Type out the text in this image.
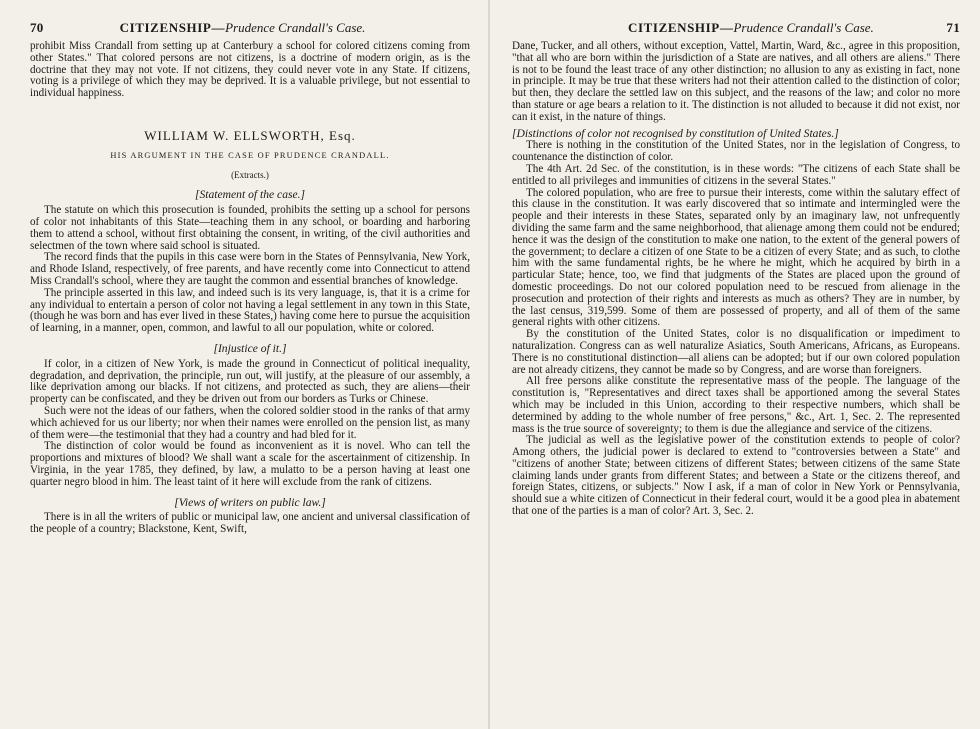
70	CITIZENSHIP—Prudence Crandall's Case.

prohibit Miss Crandall from setting up at Canterbury a school for colored citizens coming from other States." That colored persons are not citizens, is a doctrine of modern origin, as is the doctrine that they may not vote. If not citizens, they could never vote in any State. If citizens, voting is a privilege of which they may be deprived. It is a valuable privilege, but not essential to individual happiness.

WILLIAM W. ELLSWORTH, Esq.
HIS ARGUMENT IN THE CASE OF PRUDENCE CRANDALL.
(Extracts.)
[Statement of the case.]

The statute on which this prosecution is founded, prohibits the setting up a school for persons of color not inhabitants of this State—teaching them in any school, or boarding and harboring them to attend a school, without first obtaining the consent, in writing, of the civil authorities and selectmen of the town where said school is situated.

The record finds that the pupils in this case were born in the States of Pennsylvania, New York, and Rhode Island, respectively, of free parents, and have recently come into Connecticut to attend Miss Crandall's school, where they are taught the common and essential branches of knowledge.

The principle asserted in this law, and indeed such is its very language, is, that it is a crime for any individual to entertain a person of color not having a legal settlement in any town in this State, (though he was born and has ever lived in these States,) having come here to pursue the acquisition of learning, in a manner, open, common, and lawful to all our population, white or colored.

[Injustice of it.]

If color, in a citizen of New York, is made the ground in Connecticut of political inequality, degradation, and deprivation, the principle, run out, will justify, at the pleasure of our assembly, a like deprivation among our blacks. If not citizens, and protected as such, they are aliens—their property can be confiscated, and they be driven out from our borders as Turks or Chinese.

Such were not the ideas of our fathers, when the colored soldier stood in the ranks of that army which achieved for us our liberty; nor when their names were enrolled on the pension list, as many of them were—the testimonial that they had a country and had bled for it.

The distinction of color would be found as inconvenient as it is novel. Who can tell the proportions and mixtures of blood? We shall want a scale for the ascertainment of citizenship. In Virginia, in the year 1785, they defined, by law, a mulatto to be a person having at least one quarter negro blood in him. The least taint of it here will exclude from the rank of citizens.

[Views of writers on public law.]

There is in all the writers of public or municipal law, one ancient and universal classification of the people of a country; Blackstone, Kent, Swift,

71
CITIZENSHIP—Prudence Crandall's Case.

Dane, Tucker, and all others, without exception, Vattel, Martin, Ward, &c., agree in this proposition, "that all who are born within the jurisdiction of a State are natives, and all others are aliens." There is not to be found the least trace of any other distinction; no allusion to any as existing in fact, none in principle. It may be true that these writers had not their attention called to the distinction of color; but then, they declare the settled law on this subject, and the reasons of the law; and color no more than stature or age bears a relation to it. The distinction is not alluded to because it did not exist, nor can it exist, in the nature of things.

[Distinctions of color not recognised by constitution of United States.]

There is nothing in the constitution of the United States, nor in the legislation of Congress, to countenance the distinction of color.

The 4th Art. 2d Sec. of the constitution, is in these words: "The citizens of each State shall be entitled to all privileges and immunities of citizens in the several States."

The colored population, who are free to pursue their interests, come within the salutary effect of this clause in the constitution. It was early discovered that so intimate and intermingled were the people and their interests in these States, separated only by an imaginary law, not unfrequently dividing the same farm and the same neighborhood, that alienage among them could not be endured; hence it was the design of the constitution to make one nation, to the extent of the general powers of the government; to declare a citizen of one State to be a citizen of every State; and as such, to clothe him with the same fundamental rights, be he where he might, which he acquired by birth in a particular State; hence, too, we find that judgments of the States are placed upon the ground of domestic proceedings. Do not our colored population need to be rescued from alienage in the prosecution and protection of their rights and interests as much as others? They are in number, by the last census, 319,599. Some of them are possessed of property, and all of them of the same general rights with other citizens.

By the constitution of the United States, color is no disqualification or impediment to naturalization. Congress can as well naturalize Asiatics, South Americans, Africans, as Europeans. There is no constitutional distinction—all aliens can be adopted; but if our own colored population are not already citizens, they cannot be made so by Congress, and are worse than foreigners.

All free persons alike constitute the representative mass of the people. The language of the constitution is, "Representatives and direct taxes shall be apportioned among the several States which may be included in this Union, according to their respective numbers, which shall be determined by adding to the whole number of free persons," &c., Art. 1, Sec. 2. The represented mass is the true source of sovereignty; to them is due the allegiance and service of the citizens.

The judicial as well as the legislative power of the constitution extends to people of color? Among others, the judicial power is declared to extend to "controversies between a State" and "citizens of another State; between citizens of different States; between citizens of the same State claiming lands under grants from different States; and between a State or the citizens thereof, and foreign States, citizens, or subjects." Now I ask, if a man of color in New York or Pennsylvania, should sue a white citizen of Connecticut in their federal court, would it be a good plea in abatement that one of the parties is a man of color? Art. 3, Sec. 2.
